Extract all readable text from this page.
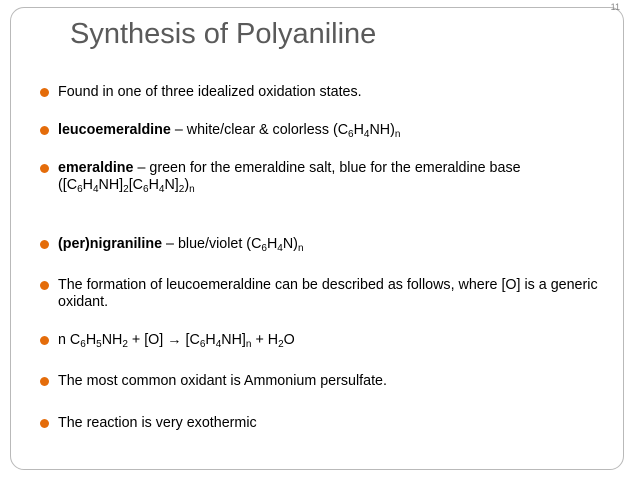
11
Synthesis of Polyaniline
Found in one of three idealized oxidation states.
leucoemeraldine – white/clear & colorless $(C_6H_4NH)_n$
emeraldine – green for the emeraldine salt, blue for the emeraldine base
$([C_6H_4NH]_2[C_6H_4N]_2)_n$
(per)nigraniline – blue/violet $(C_6H_4N)_n$
The formation of leucoemeraldine can be described as follows, where [O] is a generic oxidant.
n $C_6H_5NH_2 + [O] \to [C_6H_4NH]_n + H_2O$
The most common oxidant is Ammonium persulfate.
The reaction is very exothermic
